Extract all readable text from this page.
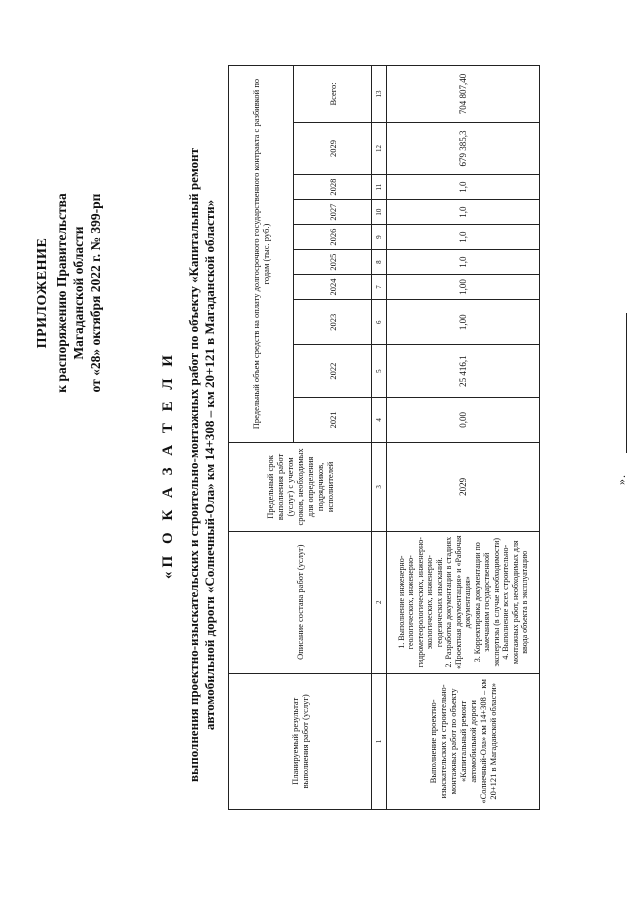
ПРИЛОЖЕНИЕ к распоряжению Правительства Магаданской области от «28» октября 2022 г. № 399-рп
«П О К А З А Т Е Л И выполнения проектно-изыскательских и строительно-монтажных работ по объекту «Капитальный ремонт автомобильной дороги «Солнечный-Ола» км 14+308 – км 20+121 в Магаданской области»
Планируемый результат выполнения работ (услуг)	Описание состава работ (услуг)	Предельный срок выполнения работ (услуг) с учетом сроков, необходимых для определения подрядчиков, исполнителей	Предельный объем средств на оплату долгосрочного государственного контракта с разбивкой по годам (тыс. руб.)									
			2021	2022	2023	2024	2025	2026	2027	2028	2029	Всего:
1	2	3	4	5	6	7	8	9	10	11	12	13
Выполнение проектно-изыскательских и строительно-монтажных работ по объекту «Капитальный ремонт автомобильной дороги «Солнечный-Ола» км 14+308 – км 20+121 в Магаданской области»	1. Выполнение инженерно-геологических, инженерно-гидрометеорологических, инженерно-экологических, инженерно-геодезических изысканий. 2. Разработка документации в стадиях «Проектная документация» и «Рабочая документация» 3. Корректировка документации по замечаниям государственной экспертизы (в случае необходимости) 4. Выполнение всех строительно- монтажных работ, необходимых для ввода объекта в эксплуатацию	2029	0,00	25 416,1	1,00	1,00	1,0	1,0	1,0	1,0	679 385,3	704 807,40
».
